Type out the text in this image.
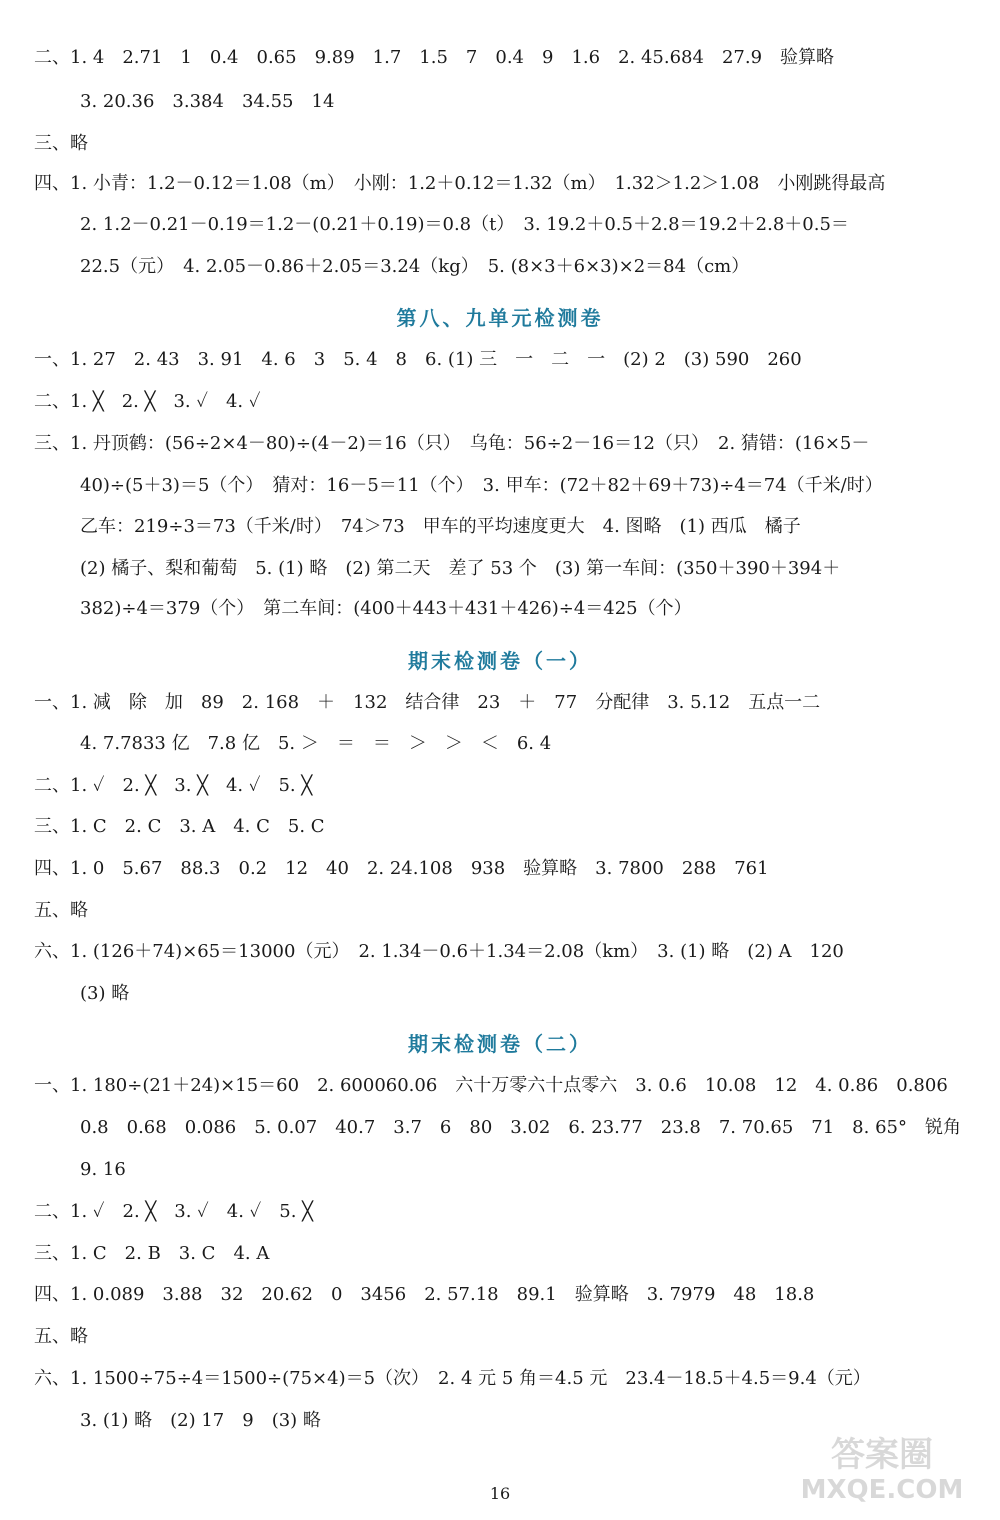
二、1. 4　2.71　1　0.4　0.65　9.89　1.7　1.5　7　0.4　9　1.6　2. 45.684　27.9　验算略
3. 20.36　3.384　34.55　14
三、略
四、1. 小青：1.2－0.12＝1.08（m）　小刚：1.2＋0.12＝1.32（m）　1.32＞1.2＞1.08　小刚跳得最高
2. 1.2－0.21－0.19＝1.2－(0.21＋0.19)＝0.8（t）　3. 19.2＋0.5＋2.8＝19.2＋2.8＋0.5＝
22.5（元）　4. 2.05－0.86＋2.05＝3.24（kg）　5. (8×3＋6×3)×2＝84（cm）
第八、九单元检测卷
一、1. 27　2. 43　3. 91　4. 6　3　5. 4　8　6. (1) 三　一　二　一　(2) 2　(3) 590　260
二、1. ╳　2. ╳　3. ✓　4. ✓
三、1. 丹顶鹤：(56÷2×4－80)÷(4－2)＝16（只）　乌龟：56÷2－16＝12（只）　2. 猜错：(16×5－
40)÷(5＋3)＝5（个）　猜对：16－5＝11（个）　3. 甲车：(72＋82＋69＋73)÷4＝74（千米/时）
乙车：219÷3＝73（千米/时）　74＞73　甲车的平均速度更大　4. 图略　(1) 西瓜　橘子
(2) 橘子、梨和葡萄　5. (1) 略　(2) 第二天　差了 53 个　(3) 第一车间：(350＋390＋394＋
382)÷4＝379（个）　第二车间：(400＋443＋431＋426)÷4＝425（个）
期末检测卷（一）
一、1. 减　除　加　89　2. 168　＋　132　结合律　23　＋　77　分配律　3. 5.12　五点一二
4. 7.7833 亿　7.8 亿　5. ＞　＝　＝　＞　＞　＜　6. 4
二、1. ✓　2. ╳　3. ╳　4. ✓　5. ╳
三、1. C　2. C　3. A　4. C　5. C
四、1. 0　5.67　88.3　0.2　12　40　2. 24.108　938　验算略　3. 7800　288　761
五、略
六、1. (126＋74)×65＝13000（元）　2. 1.34－0.6＋1.34＝2.08（km）　3. (1) 略　(2) A　120
(3) 略
期末检测卷（二）
一、1. 180÷(21＋24)×15＝60　2. 600060.06　六十万零六十点零六　3. 0.6　10.08　12　4. 0.86　0.806
0.8　0.68　0.086　5. 0.07　40.7　3.7　6　80　3.02　6. 23.77　23.8　7. 70.65　71　8. 65°　锐角
9. 16
二、1. ✓　2. ╳　3. ✓　4. ✓　5. ╳
三、1. C　2. B　3. C　4. A
四、1. 0.089　3.88　32　20.62　0　3456　2. 57.18　89.1　验算略　3. 7979　48　18.8
五、略
六、1. 1500÷75÷4＝1500÷(75×4)＝5（次）　2. 4 元 5 角＝4.5 元　23.4－18.5＋4.5＝9.4（元）
3. (1) 略　(2) 17　9　(3) 略
16
答案圈
MXQE.COM
